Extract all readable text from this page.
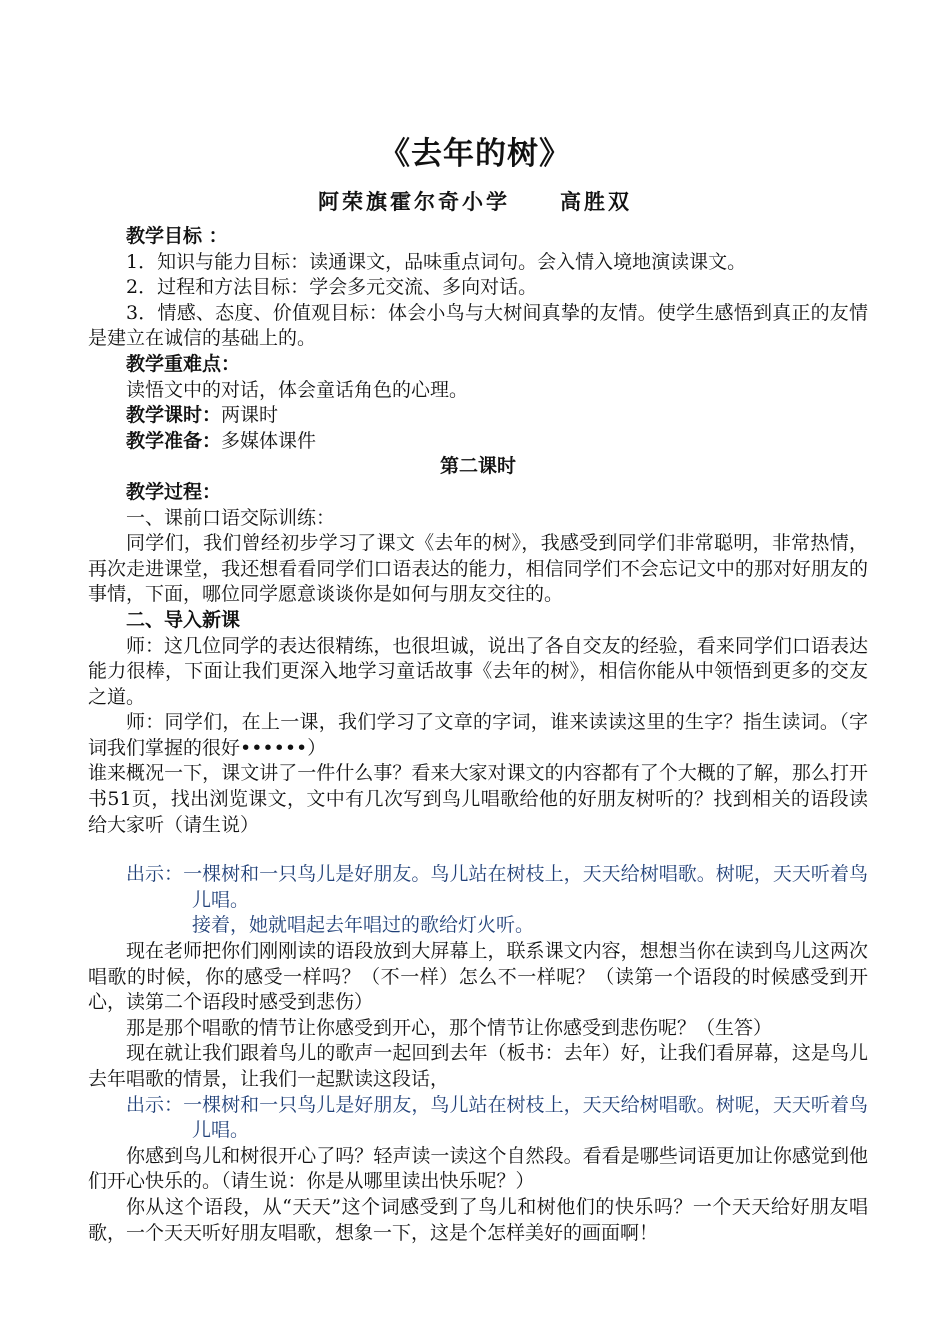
《去年的树》
阿荣旗霍尔奇小学 高胜双

教学目标 ：

1．知识与能力目标：读通课文，品味重点词句。会入情入境地演读课文。

2．过程和方法目标：学会多元交流、多向对话。

3．情感、态度、价值观目标：体会小鸟与大树间真挚的友情。使学生感悟到真正的友情是建立在诚信的基础上的。

教学重难点：

读悟文中的对话，体会童话角色的心理。

教学课时：两课时

教学准备：多媒体课件

第二课时

教学过程：

一、课前口语交际训练：

同学们，我们曾经初步学习了课文《去年的树》，我感受到同学们非常聪明，非常热情，再次走进课堂，我还想看看同学们口语表达的能力，相信同学们不会忘记文中的那对好朋友的事情，下面，哪位同学愿意谈谈你是如何与朋友交往的。

二、导入新课

师：这几位同学的表达很精练，也很坦诚，说出了各自交友的经验，看来同学们口语表达能力很棒，下面让我们更深入地学习童话故事《去年的树》，相信你能从中领悟到更多的交友之道。

师：同学们，在上一课，我们学习了文章的字词，谁来读读这里的生字？指生读词。（字词我们掌握的很好••••••）

谁来概况一下，课文讲了一件什么事？看来大家对课文的内容都有了个大概的了解，那么打开书51页，找出浏览课文，文中有几次写到鸟儿唱歌给他的好朋友树听的？找到相关的语段读给大家听（请生说）

出示：一棵树和一只鸟儿是好朋友。鸟儿站在树枝上，天天给树唱歌。树呢，天天听着鸟儿唱。

接着，她就唱起去年唱过的歌给灯火听。

现在老师把你们刚刚读的语段放到大屏幕上，联系课文内容，想想当你在读到鸟儿这两次唱歌的时候，你的感受一样吗？（不一样）怎么不一样呢？（读第一个语段的时候感受到开心，读第二个语段时感受到悲伤）

那是那个唱歌的情节让你感受到开心，那个情节让你感受到悲伤呢？（生答）

现在就让我们跟着鸟儿的歌声一起回到去年（板书：去年）好，让我们看屏幕，这是鸟儿去年唱歌的情景，让我们一起默读这段话，

出示：一棵树和一只鸟儿是好朋友，鸟儿站在树枝上，天天给树唱歌。树呢，天天听着鸟儿唱。

你感到鸟儿和树很开心了吗？轻声读一读这个自然段。看看是哪些词语更加让你感觉到他们开心快乐的。（请生说：你是从哪里读出快乐呢？）

你从这个语段，从“天天”这个词感受到了鸟儿和树他们的快乐吗？一个天天给好朋友唱歌，一个天天听好朋友唱歌，想象一下，这是个怎样美好的画面啊！
